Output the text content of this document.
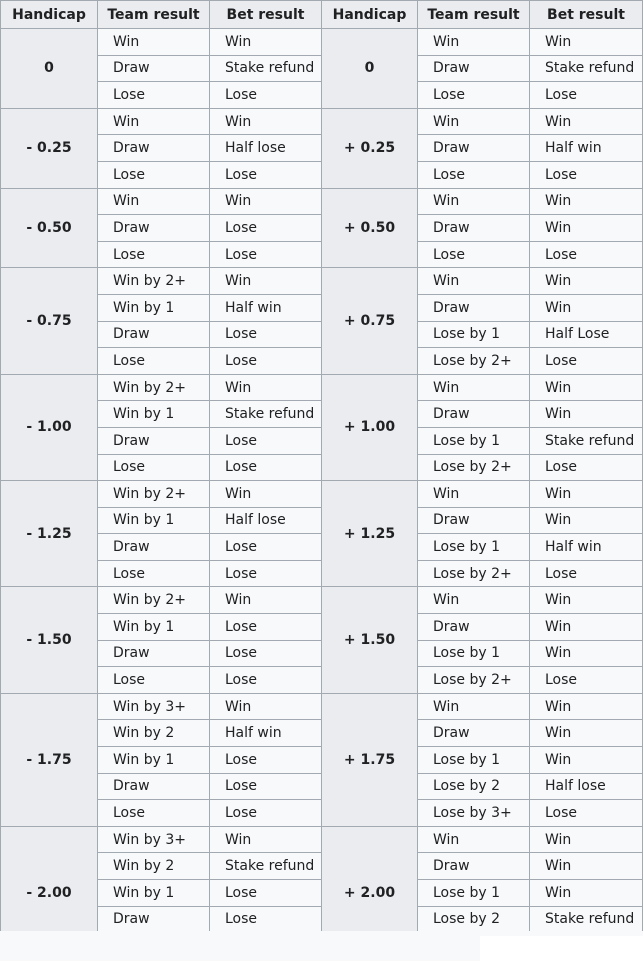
Handicap	Team result	Bet result	Handicap	Team result	Bet result
0	Win	Win	0	Win	Win
	Draw	Stake refund		Draw	Stake refund
	Lose	Lose		Lose	Lose
- 0.25	Win	Win	+ 0.25	Win	Win
	Draw	Half lose		Draw	Half win
	Lose	Lose		Lose	Lose
- 0.50	Win	Win	+ 0.50	Win	Win
	Draw	Lose		Draw	Win
	Lose	Lose		Lose	Lose
- 0.75	Win by 2+	Win	+ 0.75	Win	Win
	Win by 1	Half win		Draw	Win
	Draw	Lose		Lose by 1	Half Lose
	Lose	Lose		Lose by 2+	Lose
- 1.00	Win by 2+	Win	+ 1.00	Win	Win
	Win by 1	Stake refund		Draw	Win
	Draw	Lose		Lose by 1	Stake refund
	Lose	Lose		Lose by 2+	Lose
- 1.25	Win by 2+	Win	+ 1.25	Win	Win
	Win by 1	Half lose		Draw	Win
	Draw	Lose		Lose by 1	Half win
	Lose	Lose		Lose by 2+	Lose
- 1.50	Win by 2+	Win	+ 1.50	Win	Win
	Win by 1	Lose		Draw	Win
	Draw	Lose		Lose by 1	Win
	Lose	Lose		Lose by 2+	Lose
- 1.75	Win by 3+	Win	+ 1.75	Win	Win
	Win by 2	Half win		Draw	Win
	Win by 1	Lose		Lose by 1	Win
	Draw	Lose		Lose by 2	Half lose
	Lose	Lose		Lose by 3+	Lose
- 2.00	Win by 3+	Win	+ 2.00	Win	Win
	Win by 2	Stake refund		Draw	Win
	Win by 1	Lose		Lose by 1	Win
	Draw	Lose		Lose by 2	Stake refund
